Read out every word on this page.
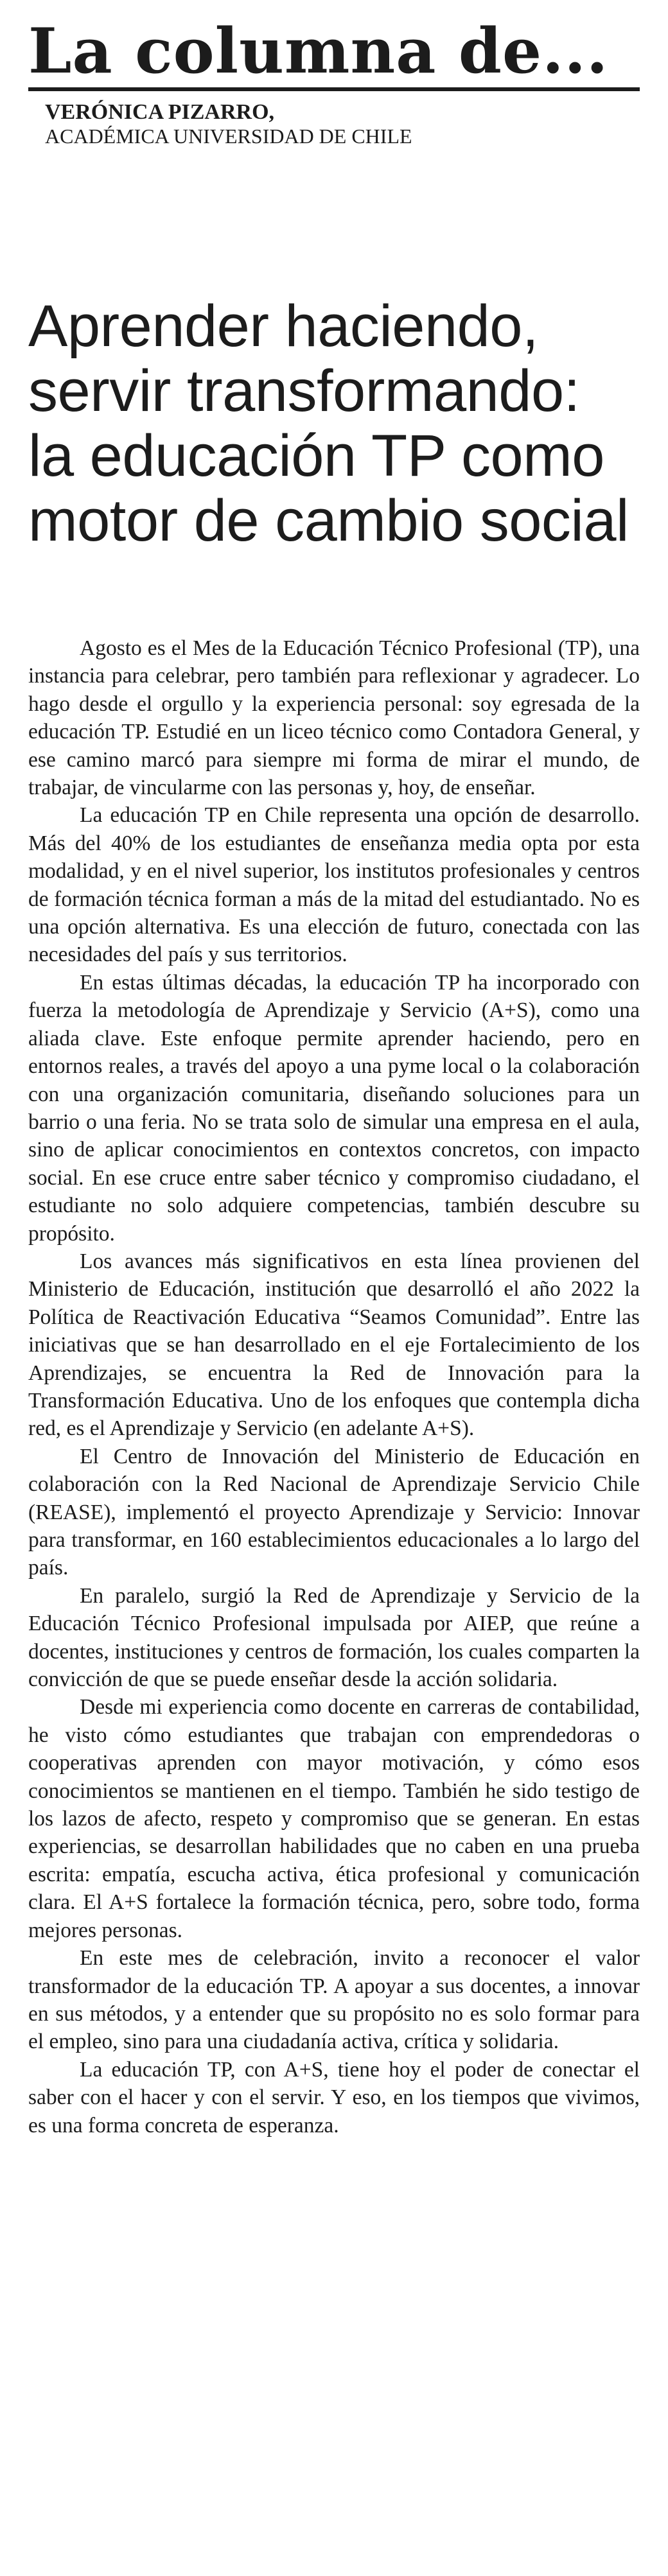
La columna de...
VERÓNICA PIZARRO,
ACADÉMICA UNIVERSIDAD DE CHILE
Aprender haciendo,
servir transformando:
la educación TP como
motor de cambio social

Agosto es el Mes de la Educación Técnico Profesional (TP), una instancia para celebrar, pero también para reflexionar y agradecer. Lo hago desde el orgullo y la experiencia personal: soy egresada de la educación TP. Estudié en un liceo técnico como Contadora General, y ese camino marcó para siempre mi forma de mirar el mundo, de trabajar, de vincularme con las personas y, hoy, de enseñar.

La educación TP en Chile representa una opción de desarrollo. Más del 40% de los estudiantes de enseñanza media opta por esta modalidad, y en el nivel superior, los institutos profesionales y centros de formación técnica forman a más de la mitad del estudiantado. No es una opción alternativa. Es una elección de futuro, conectada con las necesidades del país y sus territorios.

En estas últimas décadas, la educación TP ha incorporado con fuerza la metodología de Aprendizaje y Servicio (A+S), como una aliada clave. Este enfoque permite aprender haciendo, pero en entornos reales, a través del apoyo a una pyme local o la colaboración con una organización comunitaria, diseñando soluciones para un barrio o una feria. No se trata solo de simular una empresa en el aula, sino de aplicar conocimientos en contextos concretos, con impacto social. En ese cruce entre saber técnico y compromiso ciudadano, el estudiante no solo adquiere competencias, también descubre su propósito.

Los avances más significativos en esta línea provienen del Ministerio de Educación, institución que desarrolló el año 2022 la Política de Reactivación Educativa “Seamos Comunidad”. Entre las iniciativas que se han desarrollado en el eje Fortalecimiento de los Aprendizajes, se encuentra la Red de Innovación para la Transformación Educativa. Uno de los enfoques que contempla dicha red, es el Aprendizaje y Servicio (en adelante A+S).

El Centro de Innovación del Ministerio de Educación en colaboración con la Red Nacional de Aprendizaje Servicio Chile (REASE), implementó el proyecto Aprendizaje y Servicio: Innovar para transformar, en 160 establecimientos educacionales a lo largo del país.

En paralelo, surgió la Red de Aprendizaje y Servicio de la Educación Técnico Profesional impulsada por AIEP, que reúne a docentes, instituciones y centros de formación, los cuales comparten la convicción de que se puede enseñar desde la acción solidaria.

Desde mi experiencia como docente en carreras de contabilidad, he visto cómo estudiantes que trabajan con emprendedoras o cooperativas aprenden con mayor motivación, y cómo esos conocimientos se mantienen en el tiempo. También he sido testigo de los lazos de afecto, respeto y compromiso que se generan. En estas experiencias, se desarrollan habilidades que no caben en una prueba escrita: empatía, escucha activa, ética profesional y comunicación clara. El A+S fortalece la formación técnica, pero, sobre todo, forma mejores personas.

En este mes de celebración, invito a reconocer el valor transformador de la educación TP. A apoyar a sus docentes, a innovar en sus métodos, y a entender que su propósito no es solo formar para el empleo, sino para una ciudadanía activa, crítica y solidaria.

La educación TP, con A+S, tiene hoy el poder de conectar el saber con el hacer y con el servir. Y eso, en los tiempos que vivimos, es una forma concreta de esperanza.
